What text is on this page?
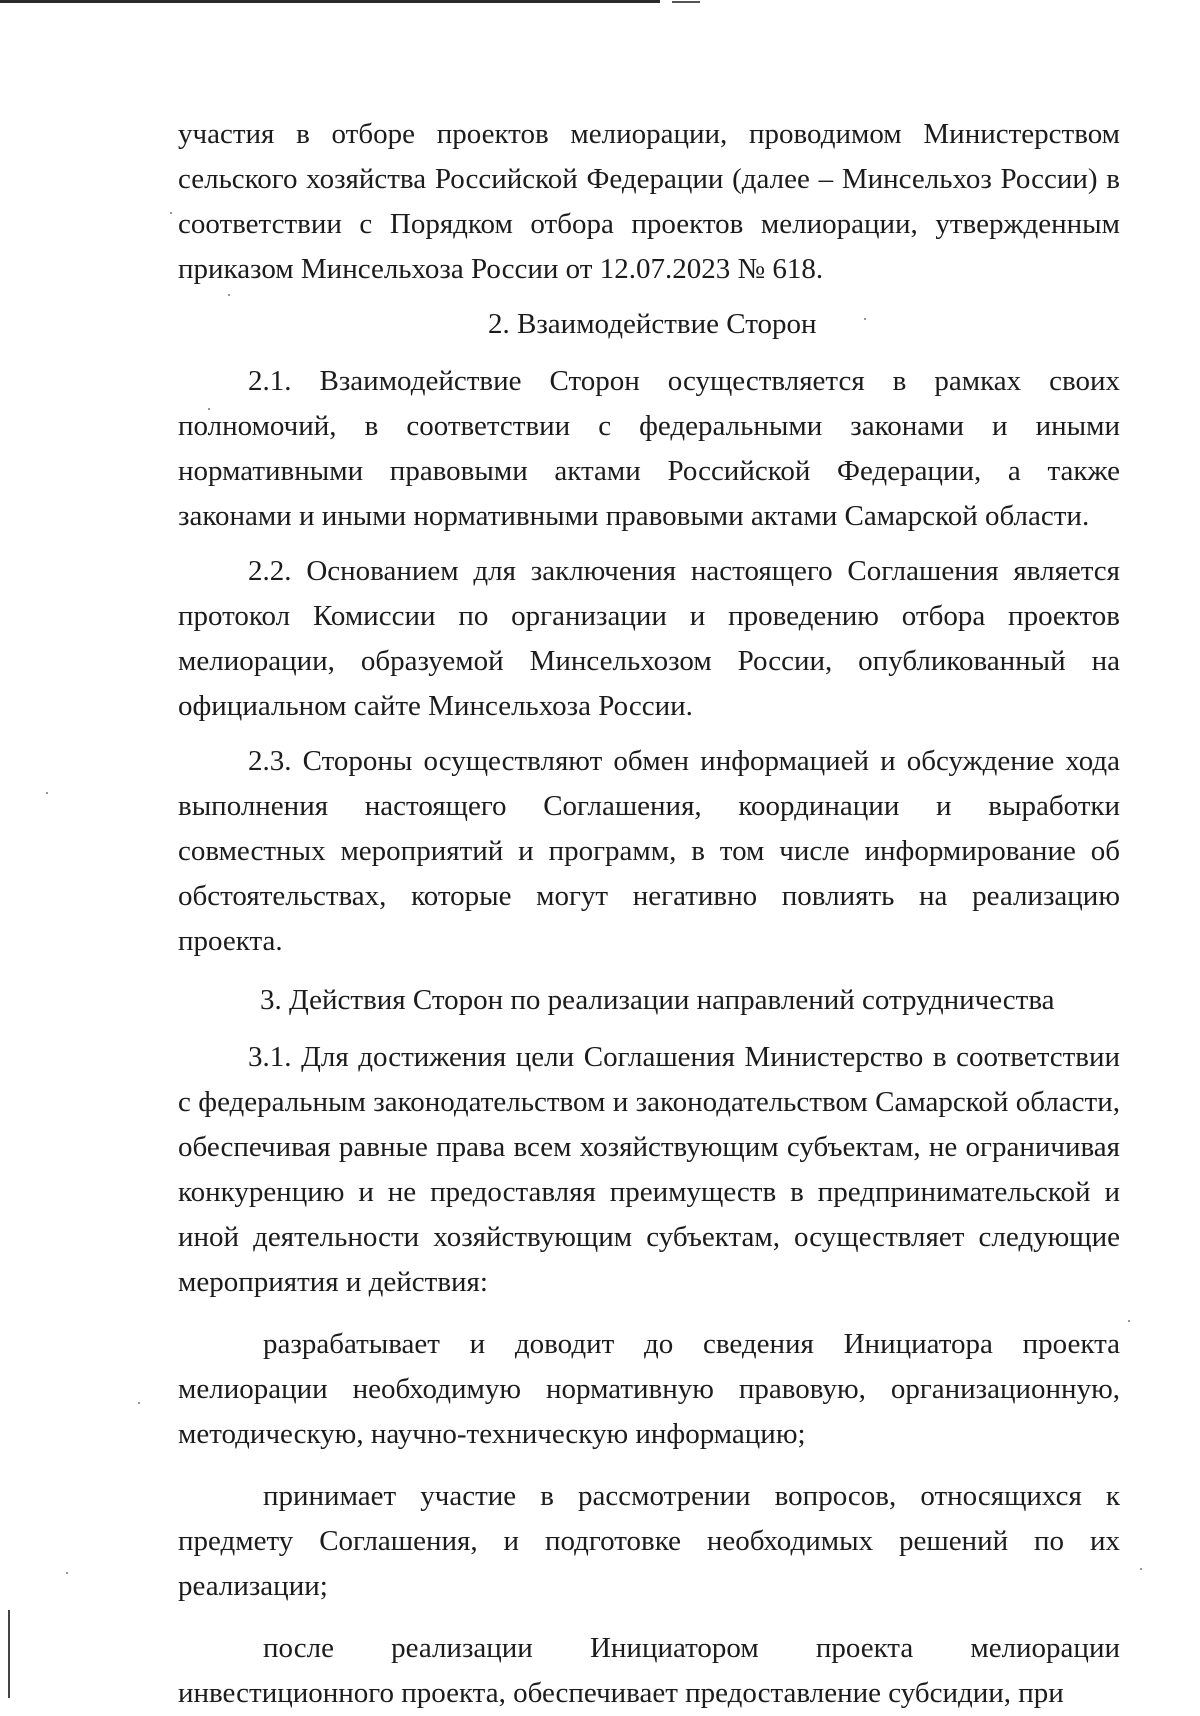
участия в отборе проектов мелиорации, проводимом Министерством сельского хозяйства Российской Федерации (далее – Минсельхоз России) в соответствии с Порядком отбора проектов мелиорации, утвержденным приказом Минсельхоза России от 12.07.2023 № 618.

2. Взаимодействие Сторон

2.1. Взаимодействие Сторон осуществляется в рамках своих полномочий, в соответствии с федеральными законами и иными нормативными правовыми актами Российской Федерации, а также законами и иными нормативными правовыми актами Самарской области.

2.2. Основанием для заключения настоящего Соглашения является протокол Комиссии по организации и проведению отбора проектов мелиорации, образуемой Минсельхозом России, опубликованный на официальном сайте Минсельхоза России.

2.3. Стороны осуществляют обмен информацией и обсуждение хода выполнения настоящего Соглашения, координации и выработки совместных мероприятий и программ, в том числе информирование об обстоятельствах, которые могут негативно повлиять на реализацию проекта.

3. Действия Сторон по реализации направлений сотрудничества

3.1. Для достижения цели Соглашения Министерство в соответствии с федеральным законодательством и законодательством Самарской области, обеспечивая равные права всем хозяйствующим субъектам, не ограничивая конкуренцию и не предоставляя преимуществ в предпринимательской и иной деятельности хозяйствующим субъектам, осуществляет следующие мероприятия и действия:

разрабатывает и доводит до сведения Инициатора проекта мелиорации необходимую нормативную правовую, организационную, методическую, научно-техническую информацию;

принимает участие в рассмотрении вопросов, относящихся к предмету Соглашения, и подготовке необходимых решений по их реализации;

после реализации Инициатором проекта мелиорации инвестиционного проекта, обеспечивает предоставление субсидии, при
